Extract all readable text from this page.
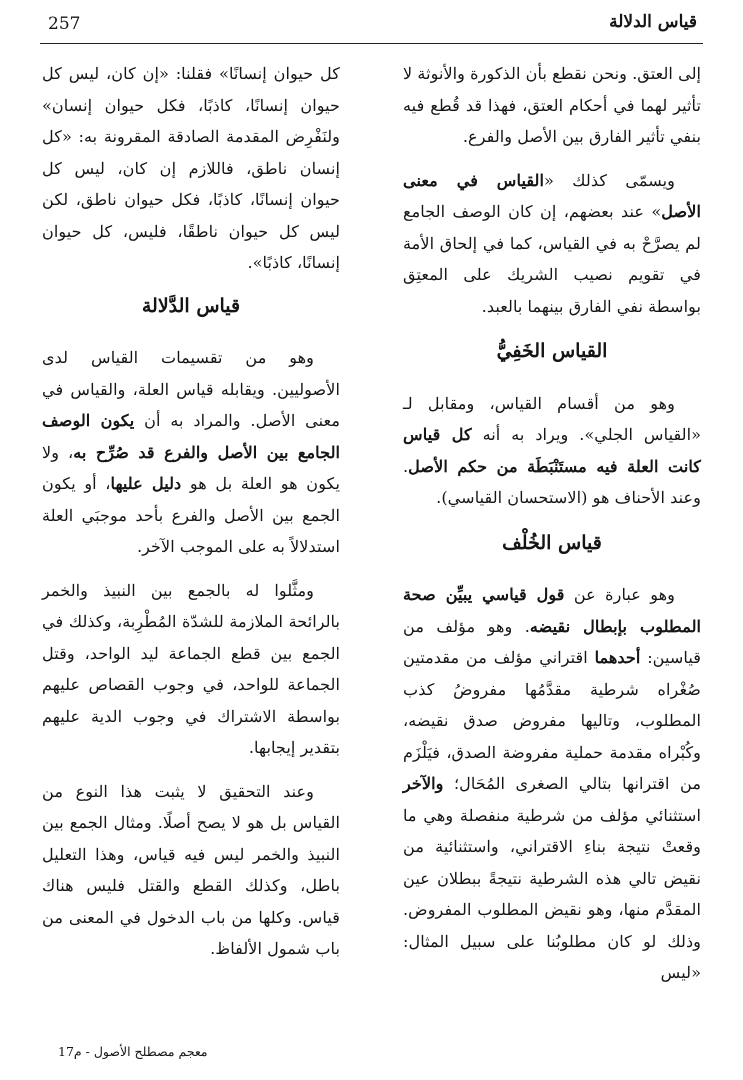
257	قياس الدلالة

إلى العتق. ونحن نقطع بأن الذكورة والأنوثة لا تأثير لهما في أحكام العتق، فهذا قد قُطع فيه بنفي تأثير الفارق بين الأصل والفرع.

ويسمّى كذلك «القياس في معنى الأصل» عند بعضهم، إن كان الوصف الجامع لم يصرَّحْ به في القياس، كما في إلحاق الأمة في تقويم نصيب الشريك على المعتِق بواسطة نفي الفارق بينهما بالعبد.

القياس الخَفِيُّ

وهو من أقسام القياس، ومقابل لـ «القياس الجلي». ويراد به أنه كل قياس كانت العلة فيه مستَنْبَطَة من حكم الأصل. وعند الأحناف هو (الاستحسان القياسي).

قياس الخُلْف

وهو عبارة عن قول قياسي يبيِّن صحة المطلوب بإبطال نقيضه. وهو مؤلف من قياسين: أحدهما اقتراني مؤلف من مقدمتين صُغْراه شرطية مقدَّمُها مفروضُ كذب المطلوب، وتاليها مفروض صدق نقيضه، وكُبْراه مقدمة حملية مفروضة الصدق، فيَلْزَم من اقترانها بتالي الصغرى المُحَال؛ والآخر استثنائي مؤلف من شرطية منفصلة وهي ما وقعتْ نتيجة بناءِ الاقتراني، واستثنائية من نقيض تالي هذه الشرطية نتيجةً ببطلان عين المقدَّم منها، وهو نقيض المطلوب المفروض. وذلك لو كان مطلوبُنا على سبيل المثال: «ليس

كل حيوان إنسانًا» فقلنا: «إن كان، ليس كل حيوان إنسانًا، كاذبًا، فكل حيوان إنسان» ولنَفْرِض المقدمة الصادقة المقرونة به: «كل إنسان ناطق، فاللازم إن كان، ليس كل حيوان إنسانًا، كاذبًا، فكل حيوان ناطق، لكن ليس كل حيوان ناطقًا، فليس، كل حيوان إنسانًا، كاذبًا».

قياس الدَّلالة

وهو من تقسيمات القياس لدى الأصوليين. ويقابله قياس العلة، والقياس في معنى الأصل. والمراد به أن يكون الوصف الجامع بين الأصل والفرع قد صُرِّح به، ولا يكون هو العلة بل هو دليل عليها، أو يكون الجمع بين الأصل والفرع بأحد موجبَي العلة استدلالاً به على الموجب الآخر.

ومثَّلوا له بالجمع بين النبيذ والخمر بالرائحة الملازمة للشدّة المُطْرِبة، وكذلك في الجمع بين قطع الجماعة ليد الواحد، وقتل الجماعة للواحد، في وجوب القصاص عليهم بواسطة الاشتراك في وجوب الدية عليهم بتقدير إيجابها.

وعند التحقيق لا يثبت هذا النوع من القياس بل هو لا يصح أصلًا. ومثال الجمع بين النبيذ والخمر ليس فيه قياس، وهذا التعليل باطل، وكذلك القطع والقتل فليس هناك قياس. وكلها من باب الدخول في المعنى من باب شمول الألفاظ.

معجم مصطلح الأصول - م17
